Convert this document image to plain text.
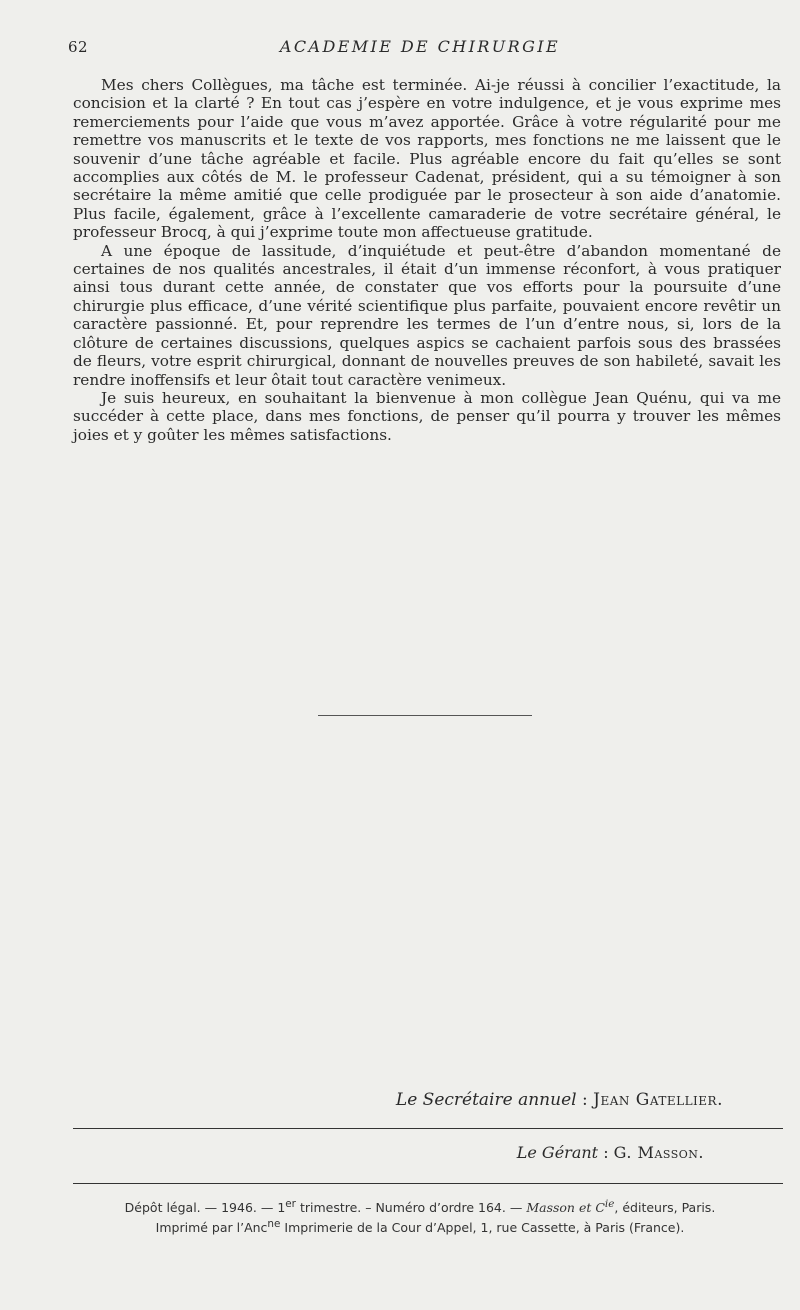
62	ACADEMIE DE CHIRURGIE

Mes chers Collègues, ma tâche est terminée. Ai-je réussi à concilier l’exactitude, la concision et la clarté ? En tout cas j’espère en votre indulgence, et je vous exprime mes remerciements pour l’aide que vous m’avez apportée. Grâce à votre régularité pour me remettre vos manuscrits et le texte de vos rapports, mes fonctions ne me laissent que le souvenir d’une tâche agréable et facile. Plus agréable encore du fait qu’elles se sont accomplies aux côtés de M. le professeur Cadenat, président, qui a su témoigner à son secrétaire la même amitié que celle prodiguée par le prosecteur à son aide d’anatomie. Plus facile, également, grâce à l’excellente camaraderie de votre secrétaire général, le professeur Brocq, à qui j’exprime toute mon affectueuse gratitude.

A une époque de lassitude, d’inquiétude et peut-être d’abandon momentané de certaines de nos qualités ancestrales, il était d’un immense réconfort, à vous pratiquer ainsi tous durant cette année, de constater que vos efforts pour la poursuite d’une chirurgie plus efficace, d’une vérité scientifique plus parfaite, pouvaient encore revêtir un caractère passionné. Et, pour reprendre les termes de l’un d’entre nous, si, lors de la clôture de certaines discussions, quelques aspics se cachaient parfois sous des brassées de fleurs, votre esprit chirurgical, donnant de nouvelles preuves de son habileté, savait les rendre inoffensifs et leur ôtait tout caractère venimeux.

Je suis heureux, en souhaitant la bienvenue à mon collègue Jean Quénu, qui va me succéder à cette place, dans mes fonctions, de penser qu’il pourra y trouver les mêmes joies et y goûter les mêmes satisfactions.

Le Secrétaire annuel : Jean Gatellier.
Le Gérant : G. Masson.
Dépôt légal. — 1946. — 1er trimestre. – Numéro d’ordre 164. — Masson et $C^{ie}$, éditeurs, Paris.
Imprimé par l’Anc$^{ne}$ Imprimerie de la Cour d’Appel, 1, rue Cassette, à Paris (France).
